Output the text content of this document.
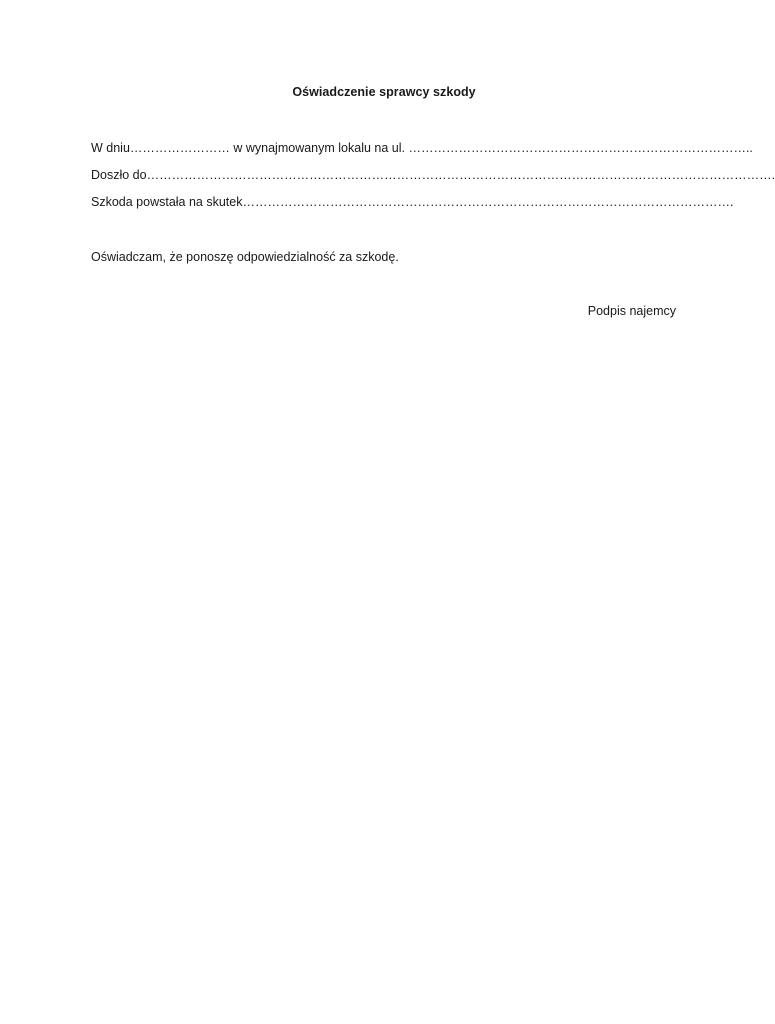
Oświadczenie sprawcy szkody
W dniu…………………… w wynajmowanym lokalu na ul. ………………………………………………………………………..
Doszło do…………………………………………………………………………………………………………………………………….
Szkoda powstała na skutek……………………………………………………………………………………………………….
Oświadczam, że ponoszę odpowiedzialność za szkodę.
Podpis najemcy
